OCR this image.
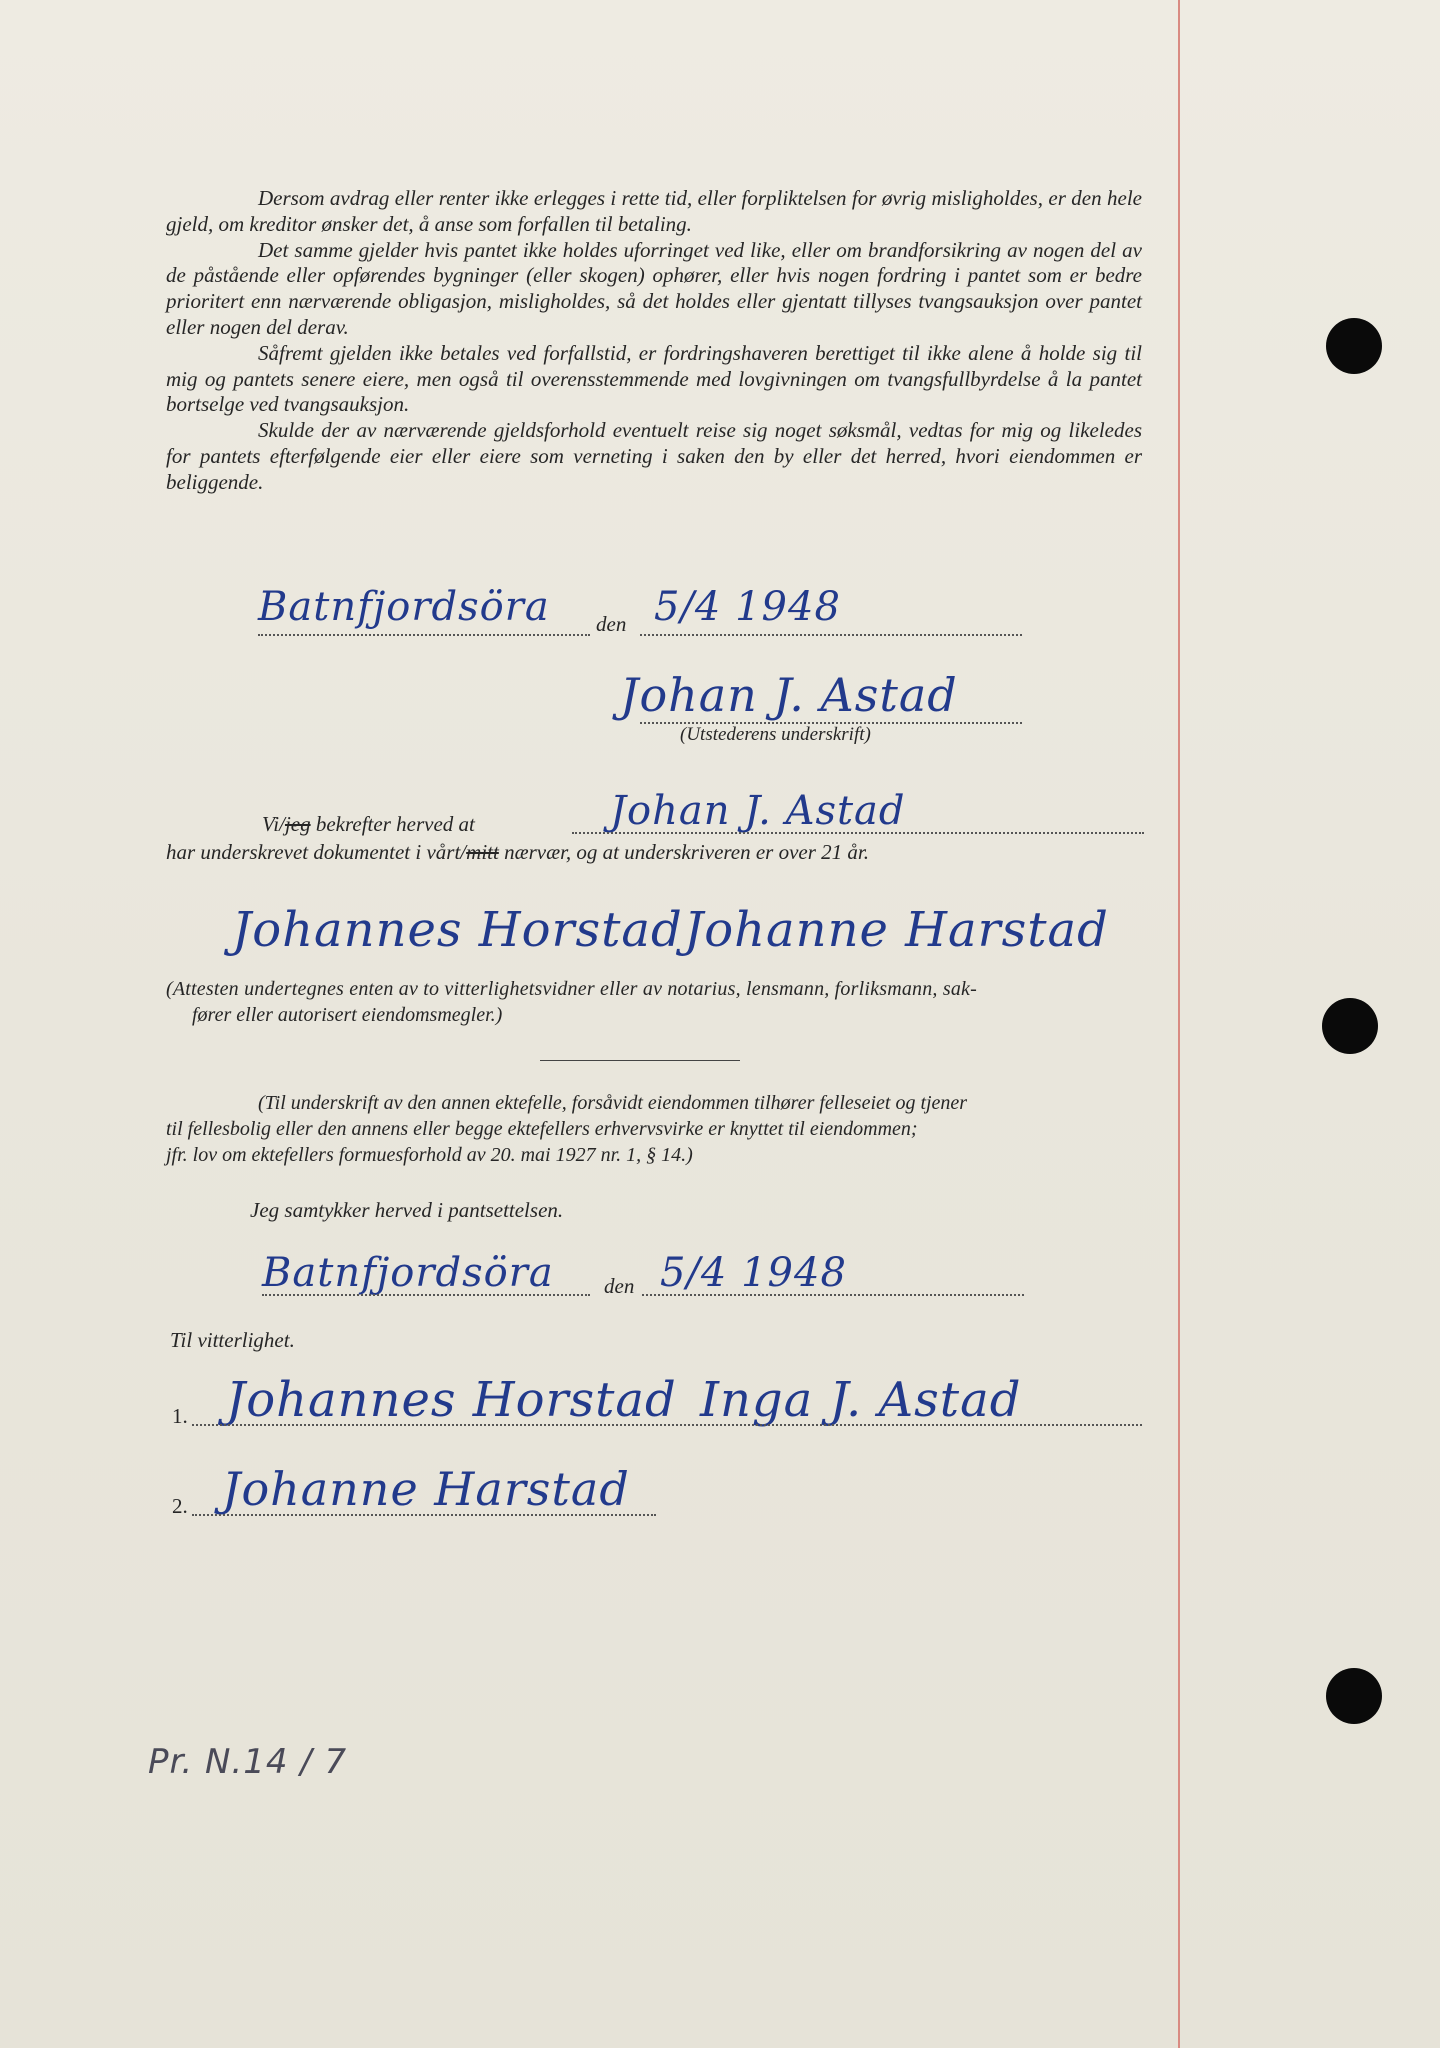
Dersom avdrag eller renter ikke erlegges i rette tid, eller forpliktelsen for øvrig misligholdes, er den hele gjeld, om kreditor ønsker det, å anse som forfallen til betaling.

Det samme gjelder hvis pantet ikke holdes uforringet ved like, eller om brandforsikring av nogen del av de påstående eller opførendes bygninger (eller skogen) ophører, eller hvis nogen fordring i pantet som er bedre prioritert enn nærværende obligasjon, misligholdes, så det holdes eller gjentatt tillyses tvangsauksjon over pantet eller nogen del derav.

Såfremt gjelden ikke betales ved forfallstid, er fordringshaveren berettiget til ikke alene å holde sig til mig og pantets senere eiere, men også til overensstemmende med lovgivningen om tvangsfullbyrdelse å la pantet bortselge ved tvangsauksjon.

Skulde der av nærværende gjeldsforhold eventuelt reise sig noget søksmål, vedtas for mig og likeledes for pantets efterfølgende eier eller eiere som verneting i saken den by eller det herred, hvori eiendommen er beliggende.

Batnfjordsöra den 5/4 1948
Johan J. Astad
(Utstederens underskrift)
Vi/jeg bekrefter herved at	Johan J. Astad
har underskrevet dokumentet i vårt/mitt nærvær, og at underskriveren er over 21 år.
Johannes Horstad Johanne Harstad
(Attesten undertegnes enten av to vitterlighetsvidner eller av notarius, lensmann, forliksmann, sak-
fører eller autorisert eiendomsmegler.)
(Til underskrift av den annen ektefelle, forsåvidt eiendommen tilhører felleseiet og tjener
til fellesbolig eller den annens eller begge ektefellers erhvervsvirke er knyttet til eiendommen;
jfr. lov om ektefellers formuesforhold av 20. mai 1927 nr. 1, § 14.)
Jeg samtykker herved i pantsettelsen.
Batnfjordsöra den 5/4 1948
Til vitterlighet.
1. Johannes Horstad Inga J. Astad
2. Johanne Harstad
Pr. N.14 / 7
